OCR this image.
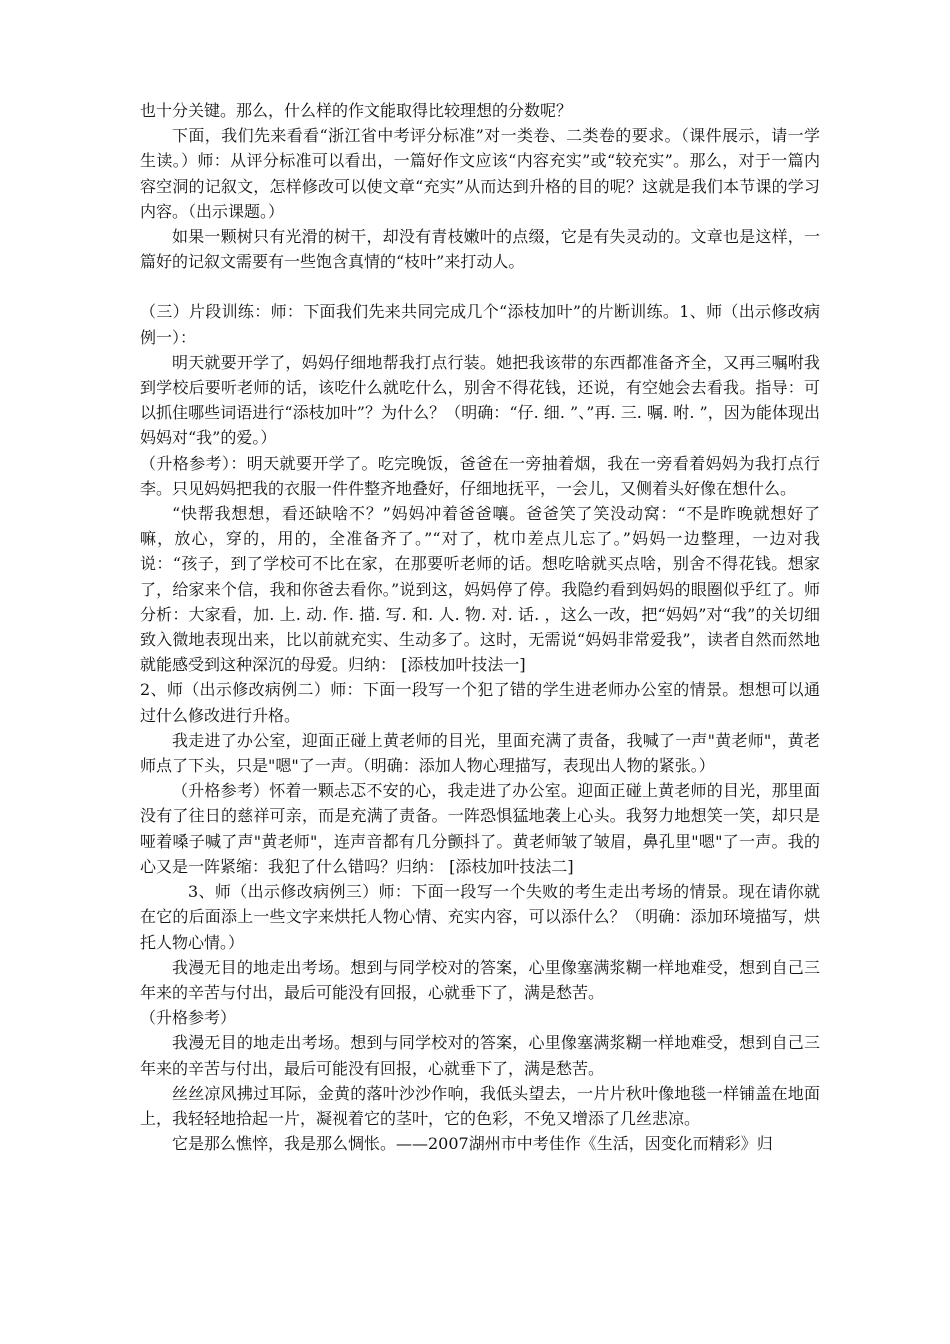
也十分关键。那么，什么样的作文能取得比较理想的分数呢？

下面，我们先来看看“浙江省中考评分标准”对一类卷、二类卷的要求。（课件展示，请一学生读。）师：从评分标准可以看出，一篇好作文应该“内容充实”或“较充实”。那么，对于一篇内容空洞的记叙文，怎样修改可以使文章“充实”从而达到升格的目的呢？这就是我们本节课的学习内容。（出示课题。）

如果一颗树只有光滑的树干，却没有青枝嫩叶的点缀，它是有失灵动的。文章也是这样，一篇好的记叙文需要有一些饱含真情的“枝叶”来打动人。

（三）片段训练：师：下面我们先来共同完成几个“添枝加叶”的片断训练。1、师（出示修改病例一）：

明天就要开学了，妈妈仔细地帮我打点行装。她把我该带的东西都准备齐全，又再三嘱咐我到学校后要听老师的话，该吃什么就吃什么，别舍不得花钱，还说，有空她会去看我。指导：可以抓住哪些词语进行“添枝加叶”？为什么？（明确：“仔. 细. ”、”再. 三. 嘱. 咐. ”，因为能体现出妈妈对“我”的爱。）

（升格参考）：明天就要开学了。吃完晚饭，爸爸在一旁抽着烟，我在一旁看着妈妈为我打点行李。只见妈妈把我的衣服一件件整齐地叠好，仔细地抚平，一会儿，又侧着头好像在想什么。

“快帮我想想，看还缺啥不？”妈妈冲着爸爸嚷。爸爸笑了笑没动窝：“不是昨晚就想好了嘛，放心，穿的，用的，全准备齐了。”“对了，枕巾差点儿忘了。”妈妈一边整理，一边对我说：“孩子，到了学校可不比在家，在那要听老师的话。想吃啥就买点啥，别舍不得花钱。想家了，给家来个信，我和你爸去看你。”说到这，妈妈停了停。我隐约看到妈妈的眼圈似乎红了。师分析：大家看，加. 上. 动. 作. 描. 写. 和. 人. 物. 对. 话. ，这么一改，把“妈妈”对“我”的关切细致入微地表现出来，比以前就充实、生动多了。这时，无需说“妈妈非常爱我”，读者自然而然地就能感受到这种深沉的母爱。归纳： [添枝加叶技法一]

2、师（出示修改病例二）师：下面一段写一个犯了错的学生进老师办公室的情景。想想可以通过什么修改进行升格。

我走进了办公室，迎面正碰上黄老师的目光，里面充满了责备，我喊了一声"黄老师"，黄老师点了下头，只是"嗯"了一声。（明确：添加人物心理描写，表现出人物的紧张。）

（升格参考）怀着一颗忐忑不安的心，我走进了办公室。迎面正碰上黄老师的目光，那里面没有了往日的慈祥可亲，而是充满了责备。一阵恐惧猛地袭上心头。我努力地想笑一笑，却只是哑着嗓子喊了声"黄老师"，连声音都有几分颤抖了。黄老师皱了皱眉，鼻孔里"嗯"了一声。我的心又是一阵紧缩：我犯了什么错吗？归纳： [添枝加叶技法二]

3、师（出示修改病例三）师：下面一段写一个失败的考生走出考场的情景。现在请你就在它的后面添上一些文字来烘托人物心情、充实内容，可以添什么？（明确：添加环境描写，烘托人物心情。）

我漫无目的地走出考场。想到与同学校对的答案，心里像塞满浆糊一样地难受，想到自己三年来的辛苦与付出，最后可能没有回报，心就垂下了，满是愁苦。

（升格参考）

我漫无目的地走出考场。想到与同学校对的答案，心里像塞满浆糊一样地难受，想到自己三年来的辛苦与付出，最后可能没有回报，心就垂下了，满是愁苦。

丝丝凉风拂过耳际，金黄的落叶沙沙作响，我低头望去，一片片秋叶像地毯一样铺盖在地面上，我轻轻地拾起一片，凝视着它的茎叶，它的色彩，不免又增添了几丝悲凉。

它是那么憔悴，我是那么惆怅。——2007湖州市中考佳作《生活，因变化而精彩》归
